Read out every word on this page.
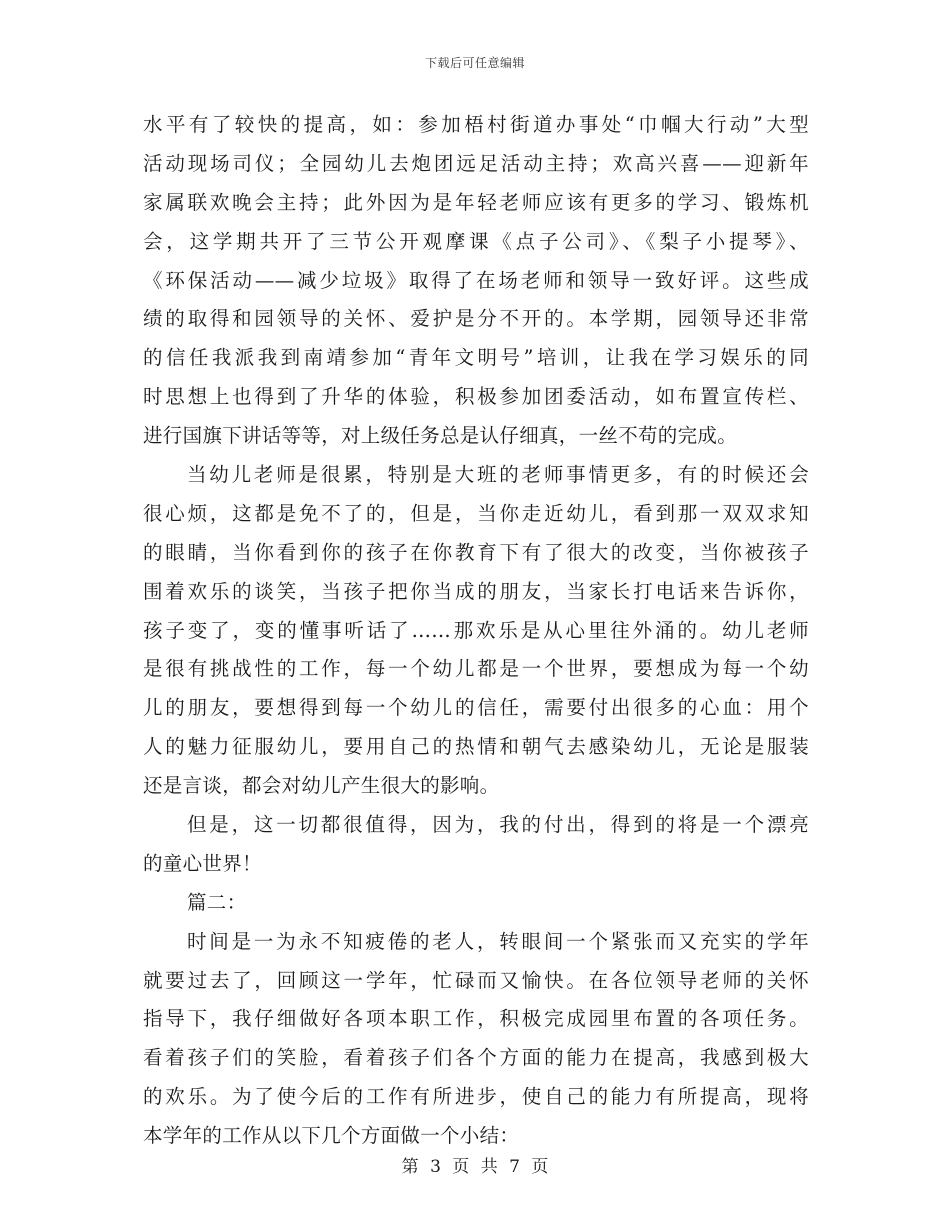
下载后可任意编辑
水平有了较快的提高，如：参加梧村街道办事处“巾帼大行动”大型
活动现场司仪；全园幼儿去炮团远足活动主持；欢高兴喜——迎新年
家属联欢晚会主持；此外因为是年轻老师应该有更多的学习、锻炼机
会，这学期共开了三节公开观摩课《点子公司》、《梨子小提琴》、
《环保活动——减少垃圾》取得了在场老师和领导一致好评。这些成
绩的取得和园领导的关怀、爱护是分不开的。本学期，园领导还非常
的信任我派我到南靖参加“青年文明号”培训，让我在学习娱乐的同
时思想上也得到了升华的体验，积极参加团委活动，如布置宣传栏、
进行国旗下讲话等等，对上级任务总是认仔细真，一丝不苟的完成。
当幼儿老师是很累，特别是大班的老师事情更多，有的时候还会
很心烦，这都是免不了的，但是，当你走近幼儿，看到那一双双求知
的眼睛，当你看到你的孩子在你教育下有了很大的改变，当你被孩子
围着欢乐的谈笑，当孩子把你当成的朋友，当家长打电话来告诉你，
孩子变了，变的懂事听话了……那欢乐是从心里往外涌的。幼儿老师
是很有挑战性的工作，每一个幼儿都是一个世界，要想成为每一个幼
儿的朋友，要想得到每一个幼儿的信任，需要付出很多的心血：用个
人的魅力征服幼儿，要用自己的热情和朝气去感染幼儿，无论是服装
还是言谈，都会对幼儿产生很大的影响。
但是，这一切都很值得，因为，我的付出，得到的将是一个漂亮
的童心世界！
篇二：
时间是一为永不知疲倦的老人，转眼间一个紧张而又充实的学年
就要过去了，回顾这一学年，忙碌而又愉快。在各位领导老师的关怀
指导下，我仔细做好各项本职工作，积极完成园里布置的各项任务。
看着孩子们的笑脸，看着孩子们各个方面的能力在提高，我感到极大
的欢乐。为了使今后的工作有所进步，使自己的能力有所提高，现将
本学年的工作从以下几个方面做一个小结：
第 3 页 共 7 页
